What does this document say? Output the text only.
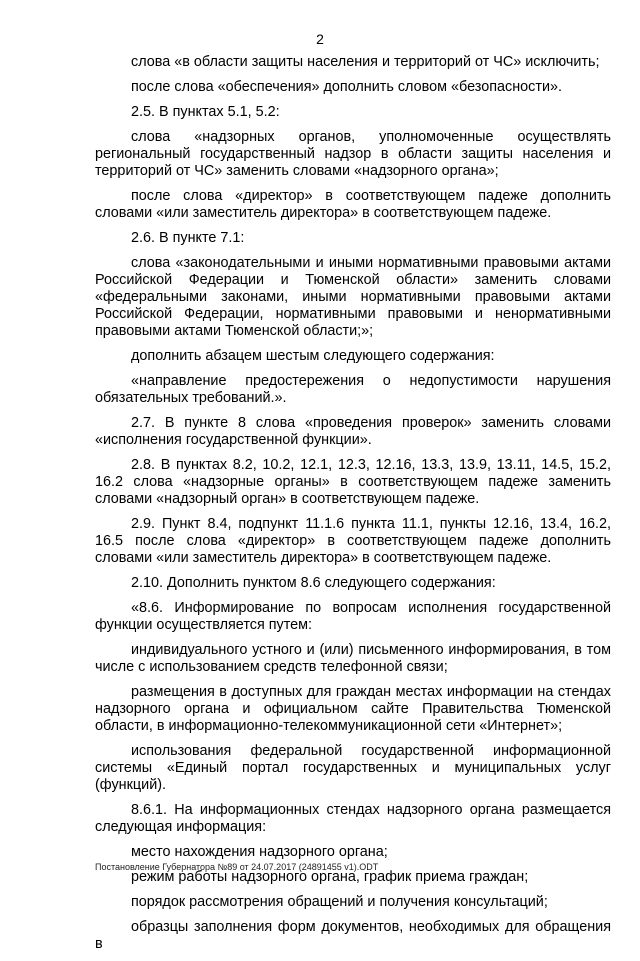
2

слова «в области защиты населения и территорий от ЧС» исключить;

после слова «обеспечения» дополнить словом «безопасности».

2.5. В пунктах 5.1, 5.2:

слова «надзорных органов, уполномоченные осуществлять региональный государственный надзор в области защиты населения и территорий от ЧС» заменить словами «надзорного органа»;

после слова «директор» в соответствующем падеже дополнить словами «или заместитель директора» в соответствующем падеже.

2.6. В пункте 7.1:

слова «законодательными и иными нормативными правовыми актами Российской Федерации и Тюменской области» заменить словами «федеральными законами, иными нормативными правовыми актами Российской Федерации, нормативными правовыми и ненормативными правовыми актами Тюменской области;»;

дополнить абзацем шестым следующего содержания:

«направление предостережения о недопустимости нарушения обязательных требований.».

2.7. В пункте 8 слова «проведения проверок» заменить словами «исполнения государственной функции».

2.8. В пунктах 8.2, 10.2, 12.1, 12.3, 12.16, 13.3, 13.9, 13.11, 14.5, 15.2, 16.2 слова «надзорные органы» в соответствующем падеже заменить словами «надзорный орган» в соответствующем падеже.

2.9. Пункт 8.4, подпункт 11.1.6 пункта 11.1, пункты 12.16, 13.4, 16.2, 16.5 после слова «директор» в соответствующем падеже дополнить словами «или заместитель директора» в соответствующем падеже.

2.10. Дополнить пунктом 8.6 следующего содержания:

«8.6. Информирование по вопросам исполнения государственной функции осуществляется путем:

индивидуального устного и (или) письменного информирования, в том числе с использованием средств телефонной связи;

размещения в доступных для граждан местах информации на стендах надзорного органа и официальном сайте Правительства Тюменской области, в информационно-телекоммуникационной сети «Интернет»;

использования федеральной государственной информационной системы «Единый портал государственных и муниципальных услуг (функций).

8.6.1. На информационных стендах надзорного органа размещается следующая информация:

место нахождения надзорного органа;

режим работы надзорного органа, график приема граждан;

порядок рассмотрения обращений и получения консультаций;

образцы заполнения форм документов, необходимых для обращения в

Постановление Губернатора №89 от 24.07.2017 (24891455 v1).ODT
